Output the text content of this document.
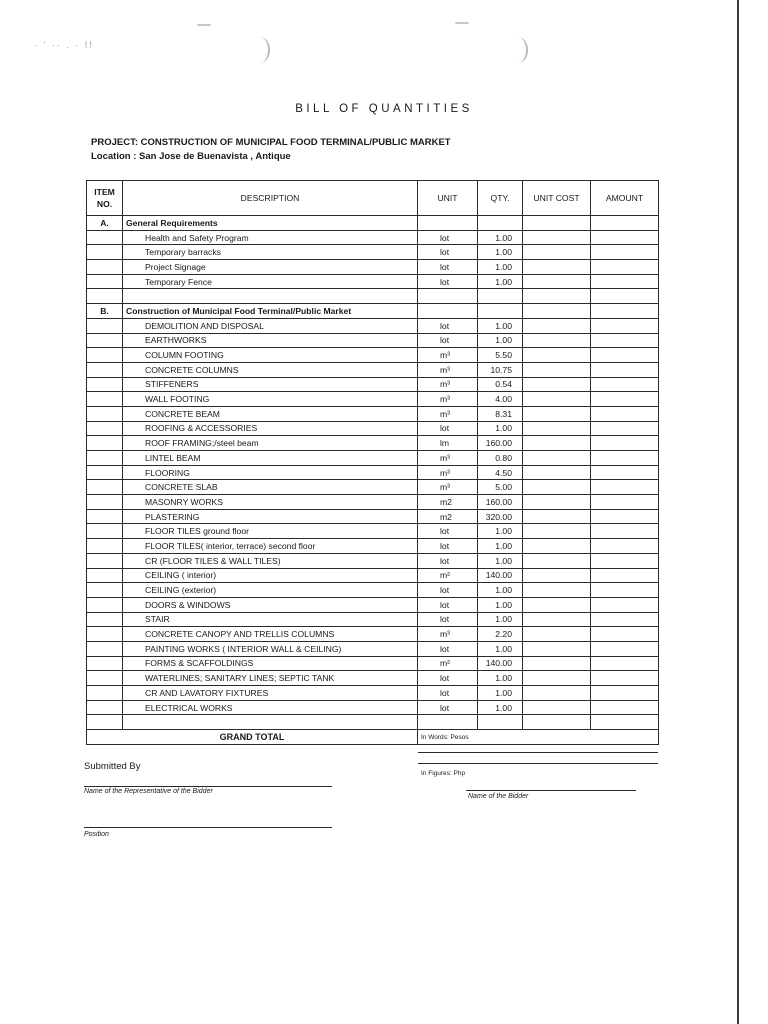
· ' ·· . · !!
BILL OF QUANTITIES
PROJECT: CONSTRUCTION OF MUNICIPAL FOOD TERMINAL/PUBLIC MARKET
Location : San Jose de Buenavista , Antique
ITEM
NO.	DESCRIPTION	UNIT	QTY.	UNIT COST	AMOUNT
A.	General Requirements				
	Health and Safety Program	lot	1.00		
	Temporary barracks	lot	1.00		
	Project Signage	lot	1.00		
	Temporary Fence	lot	1.00		

B.	Construction of Municipal Food Terminal/Public Market				
	DEMOLITION AND DISPOSAL	lot	1.00		
	EARTHWORKS	lot	1.00		
	COLUMN FOOTING	m³	5.50		
	CONCRETE COLUMNS	m³	10.75		
	STIFFENERS	m³	0.54		
	WALL FOOTING	m³	4.00		
	CONCRETE BEAM	m³	8.31		
	ROOFING & ACCESSORIES	lot	1.00		
	ROOF FRAMING;/steel beam	lm	160.00		
	LINTEL BEAM	m³	0.80		
	FLOORING	m³	4.50		
	CONCRETE SLAB	m³	5.00		
	MASONRY WORKS	m2	160.00		
	PLASTERING	m2	320.00		
	FLOOR TILES ground floor	lot	1.00		
	FLOOR TILES( interior, terrace) second floor	lot	1.00		
	CR (FLOOR TILES & WALL TILES)	lot	1.00		
	CEILING ( interior)	m²	140.00		
	CEILING (exterior)	lot	1.00		
	DOORS & WINDOWS	lot	1.00		
	STAIR	lot	1.00		
	CONCRETE CANOPY AND TRELLIS COLUMNS	m³	2.20		
	PAINTING WORKS ( INTERIOR WALL & CEILING)	lot	1.00		
	FORMS & SCAFFOLDINGS	m²	140.00		
	WATERLINES; SANITARY LINES; SEPTIC TANK	lot	1.00		
	CR AND LAVATORY FIXTURES	lot	1.00		
	ELECTRICAL WORKS	lot	1.00		

GRAND TOTAL		In Words: Pesos
In Figures: Php			
Submitted By
Name of the Representative of the Bidder
Name of the Bidder
Position
